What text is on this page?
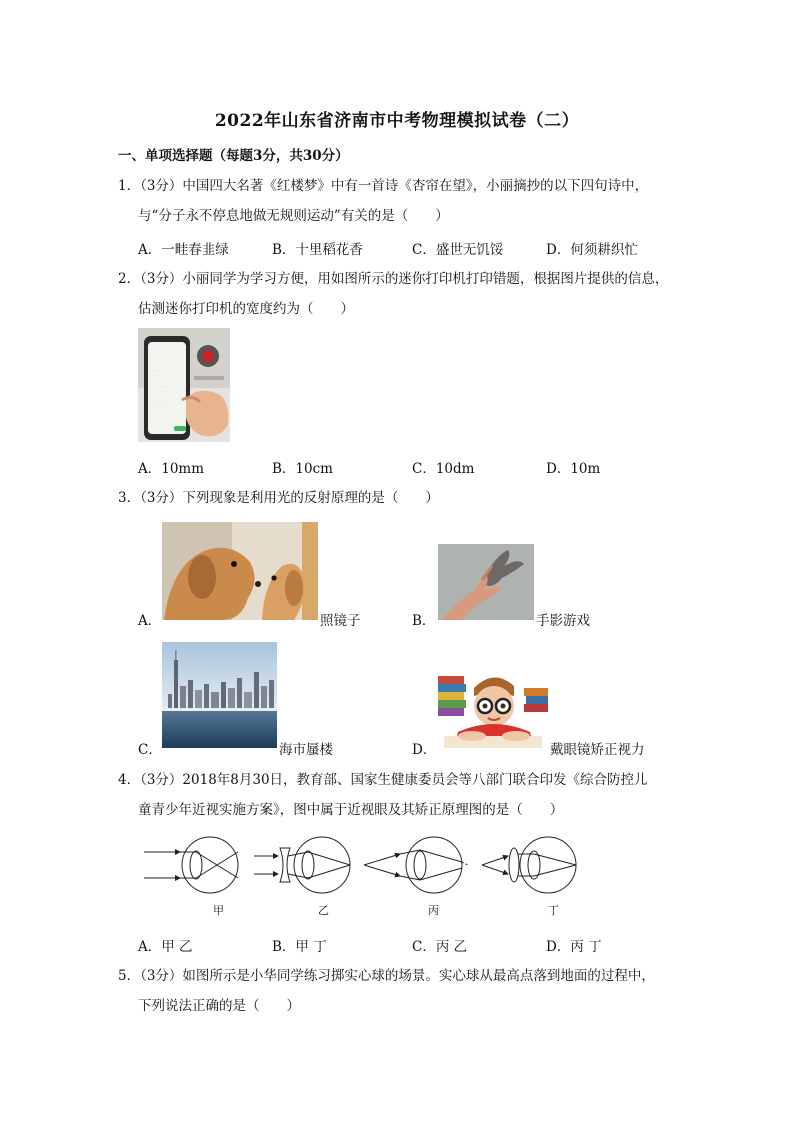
2022年山东省济南市中考物理模拟试卷（二）
一、单项选择题（每题3分，共30分）
1．（3分）中国四大名著《红楼梦》中有一首诗《杏帘在望》，小丽摘抄的以下四句诗中，
与“分子永不停息地做无规则运动”有关的是（　　）
A．一畦春韭绿	B．十里稻花香	C．盛世无饥馁	D．何须耕织忙
2．（3分）小丽同学为学习方便，用如图所示的迷你打印机打印错题，根据图片提供的信息，
估测迷你打印机的宽度约为（　　）
· ·
· ·
· ·
A．10mm	B．10cm	C．10dm	D．10m
3．（3分）下列现象是利用光的反射原理的是（　　）
A．	照镜子	B．	手影游戏
C．	海市蜃楼	D．	戴眼镜矫正视力
4．（3分）2018年8月30日，教育部、国家生健康委员会等八部门联合印发《综合防控儿
童青少年近视实施方案》，图中属于近视眼及其矫正原理图的是（　　）
甲	乙	丙	丁
A．甲 乙	B．甲 丁	C．丙 乙	D．丙 丁
5．（3分）如图所示是小华同学练习掷实心球的场景。实心球从最高点落到地面的过程中，
下列说法正确的是（　　）
